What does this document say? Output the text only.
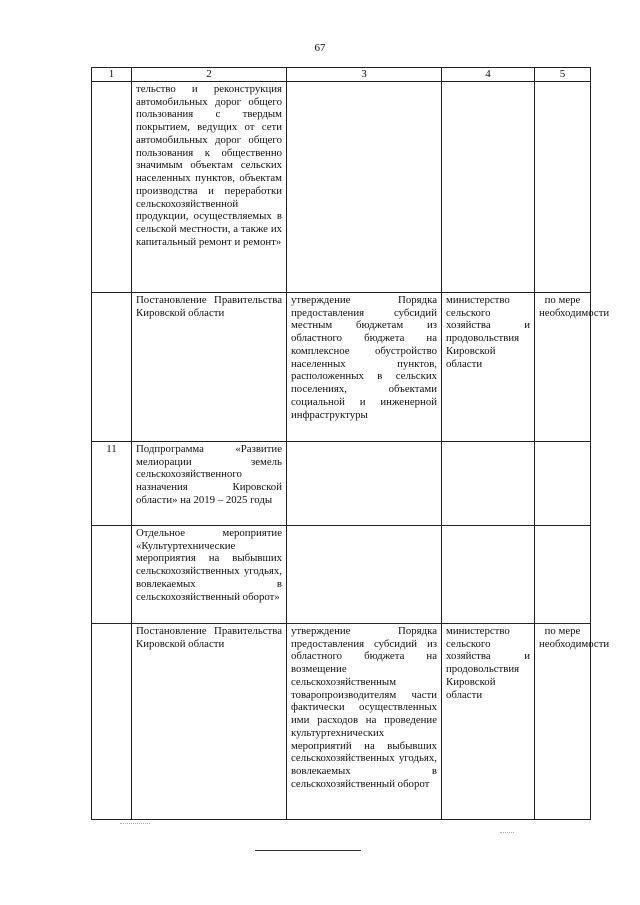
67
1	2	3	4	5
	тельство и реконструкция автомобильных дорог общего пользования с твердым покрытием, ведущих от сети автомобильных дорог общего пользования к общественно значимым объектам сельских населенных пунктов, объектам производства и переработки сельскохозяйственной продукции, осуществляемых в сельской местности, а также их капитальный ремонт и ремонт»			
	Постановление Правительства Кировской области	утверждение Порядка предоставления субсидий местным бюджетам из областного бюджета на комплексное обустройство населенных пунктов, расположенных в сельских поселениях, объектами социальной и инженерной инфраструктуры	министерство сельского хозяйства и продовольствия Кировской области	по мере необходимости
11	Подпрограмма «Развитие мелиорации земель сельскохозяйственного назначения Кировской области» на 2019 – 2025 годы			
	Отдельное мероприятие «Культуртехнические мероприятия на выбывших сельскохозяйственных угодьях, вовлекаемых в сельскохозяйственный оборот»			
	Постановление Правительства Кировской области	утверждение Порядка предоставления субсидий из областного бюджета на возмещение сельскохозяйственным товаропроизводителям части фактически осуществленных ими расходов на проведение культуртехнических мероприятий на выбывших сельскохозяйственных угодьях, вовлекаемых в сельскохозяйственный оборот	министерство сельского хозяйства и продовольствия Кировской области	по мере необходимости
